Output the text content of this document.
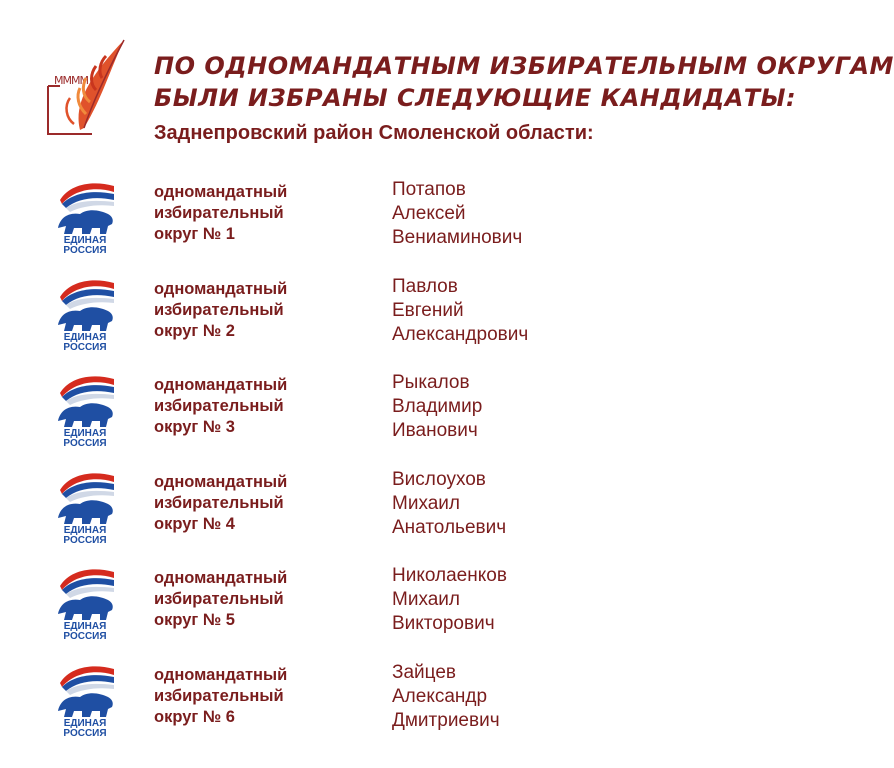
MMMM
ПО ОДНОМАНДАТНЫМ ИЗБИРАТЕЛЬНЫМ ОКРУГАМ
БЫЛИ ИЗБРАНЫ СЛЕДУЮЩИЕ КАНДИДАТЫ:
Заднепровский район Смоленской области:
ЕДИНАЯ
РОССИЯ
одномандатный
избирательный
округ № 1
Потапов
Алексей
Вениаминович
ЕДИНАЯ
РОССИЯ
одномандатный
избирательный
округ № 2
Павлов
Евгений
Александрович
ЕДИНАЯ
РОССИЯ
одномандатный
избирательный
округ № 3
Рыкалов
Владимир
Иванович
ЕДИНАЯ
РОССИЯ
одномандатный
избирательный
округ № 4
Вислоухов
Михаил
Анатольевич
ЕДИНАЯ
РОССИЯ
одномандатный
избирательный
округ № 5
Николаенков
Михаил
Викторович
ЕДИНАЯ
РОССИЯ
одномандатный
избирательный
округ № 6
Зайцев
Александр
Дмитриевич
